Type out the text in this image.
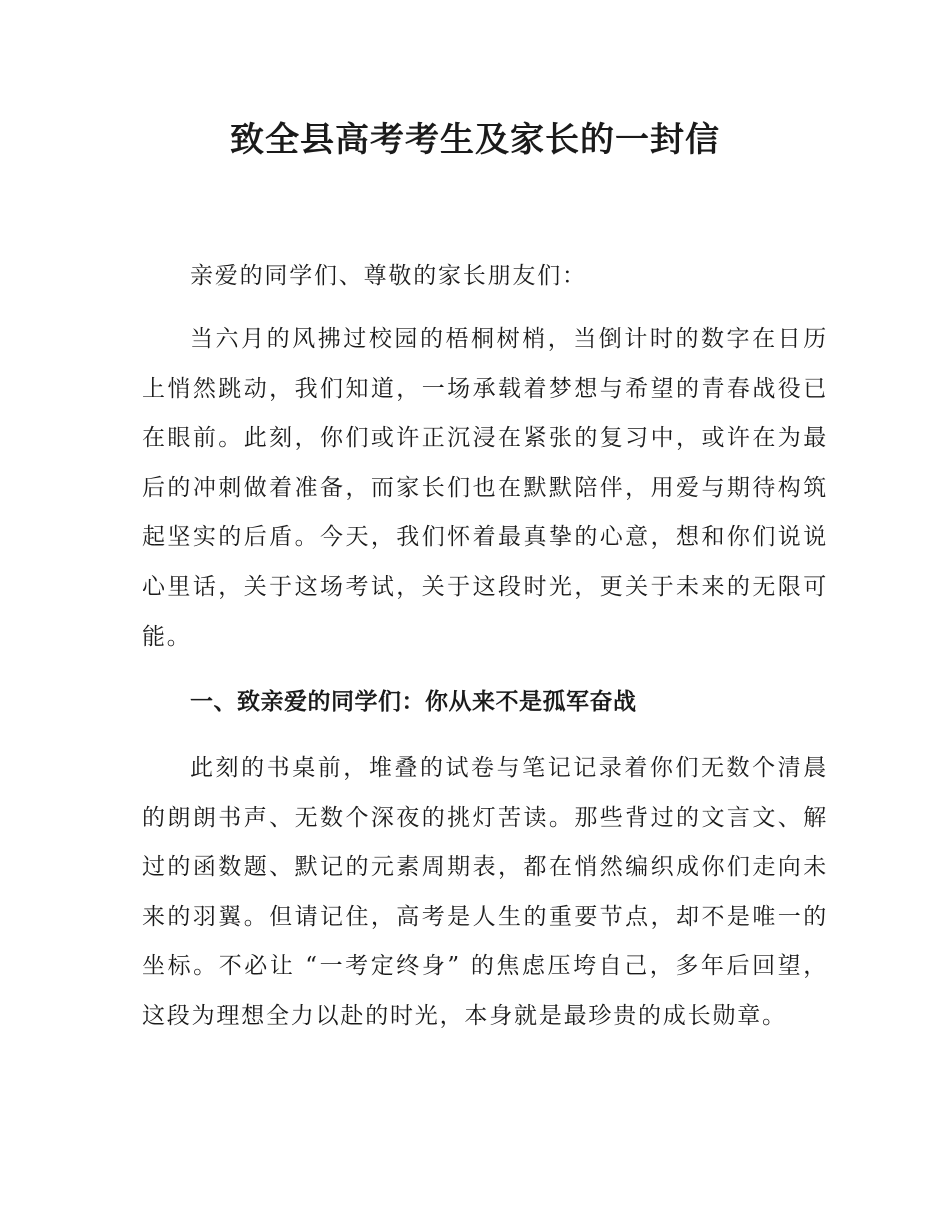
致全县高考考生及家长的一封信

亲爱的同学们、尊敬的家长朋友们：

当六月的风拂过校园的梧桐树梢，当倒计时的数字在日历上悄然跳动，我们知道，一场承载着梦想与希望的青春战役已在眼前。此刻，你们或许正沉浸在紧张的复习中，或许在为最后的冲刺做着准备，而家长们也在默默陪伴，用爱与期待构筑起坚实的后盾。今天，我们怀着最真挚的心意，想和你们说说心里话，关于这场考试，关于这段时光，更关于未来的无限可能。

一、致亲爱的同学们：你从来不是孤军奋战

此刻的书桌前，堆叠的试卷与笔记记录着你们无数个清晨的朗朗书声、无数个深夜的挑灯苦读。那些背过的文言文、解过的函数题、默记的元素周期表，都在悄然编织成你们走向未来的羽翼。但请记住，高考是人生的重要节点，却不是唯一的坐标。不必让 “一考定终身” 的焦虑压垮自己，多年后回望，这段为理想全力以赴的时光，本身就是最珍贵的成长勋章。
